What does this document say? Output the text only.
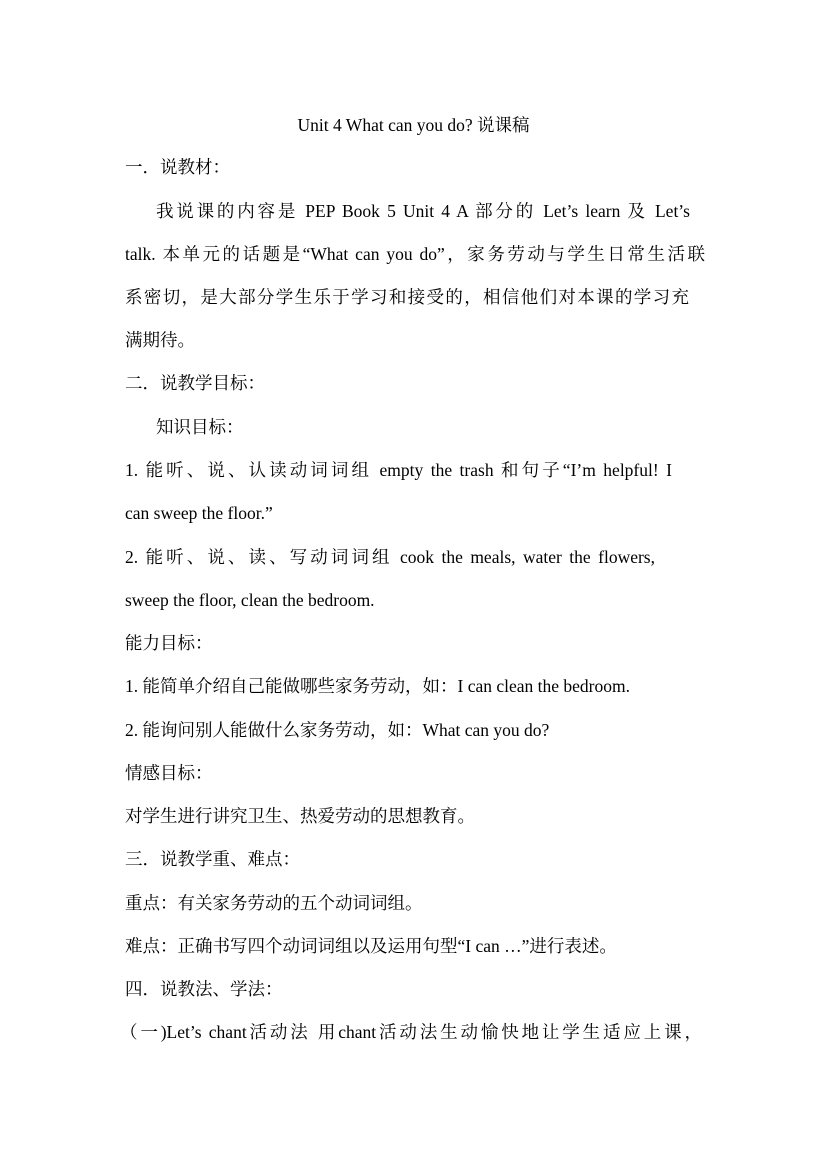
Unit 4 What can you do? 说课稿
一．说教材：
我说课的内容是 PEP Book 5 Unit 4 A 部分的 Let’s learn 及 Let’s
talk. 本单元的话题是“What can you do”，家务劳动与学生日常生活联
系密切，是大部分学生乐于学习和接受的，相信他们对本课的学习充
满期待。
二．说教学目标：
知识目标：
1. 能听、说、认读动词词组 empty the trash 和句子“I’m helpful! I
can sweep the floor.”
2. 能听、说、读、写动词词组 cook the meals, water the flowers,
sweep the floor, clean the bedroom.
能力目标：
1. 能简单介绍自己能做哪些家务劳动，如：I can clean the bedroom.
2. 能询问别人能做什么家务劳动，如：What can you do?
情感目标：
对学生进行讲究卫生、热爱劳动的思想教育。
三．说教学重、难点：
重点：有关家务劳动的五个动词词组。
难点：正确书写四个动词词组以及运用句型“I can …”进行表述。
四．说教法、学法：
（一)Let’s chant活动法 用chant活动法生动愉快地让学生适应上课，
